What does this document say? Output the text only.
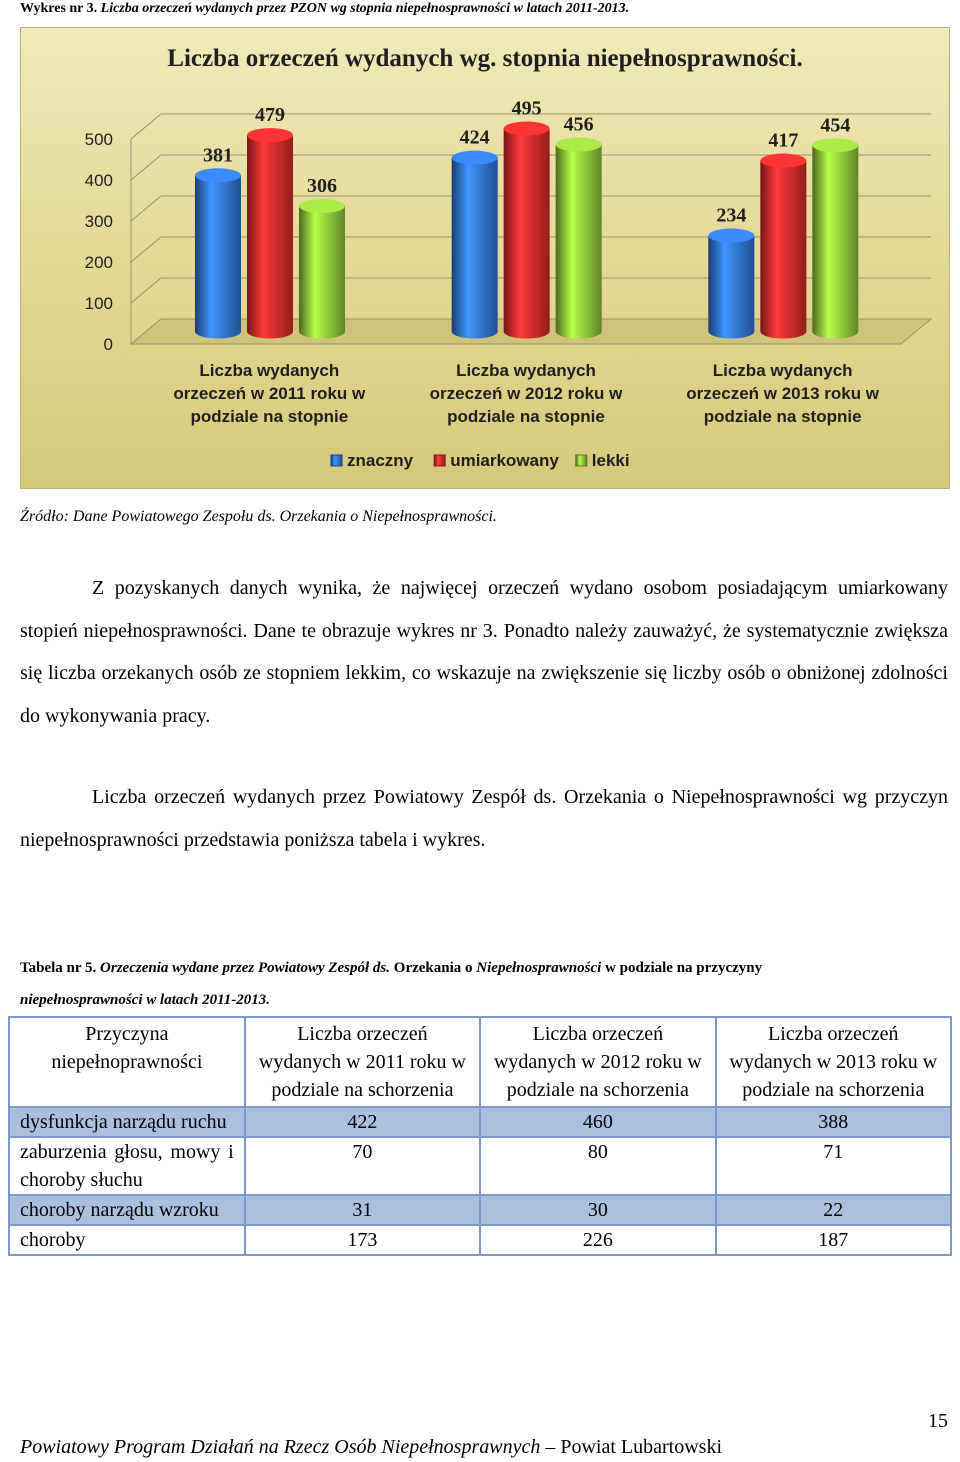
Wykres nr 3. Liczba orzeczeń wydanych przez PZON wg stopnia niepełnosprawności w latach 2011-2013.
Liczba orzeczeń wydanych wg. stopnia niepełnosprawności.
0
100
200
300
400
500
381
479
306
Liczba wydanych
orzeczeń w 2011 roku w
podziale na stopnie
424
495
456
Liczba wydanych
orzeczeń w 2012 roku w
podziale na stopnie
234
417
454
Liczba wydanych
orzeczeń w 2013 roku w
podziale na stopnie
znaczny umiarkowany lekki
Źródło: Dane Powiatowego Zespołu ds. Orzekania o Niepełnosprawności.

Z pozyskanych danych wynika, że najwięcej orzeczeń wydano osobom posiadającym umiarkowany stopień niepełnosprawności. Dane te obrazuje wykres nr 3. Ponadto należy zauważyć, że systematycznie zwiększa się liczba orzekanych osób ze stopniem lekkim, co wskazuje na zwiększenie się liczby osób o obniżonej zdolności do wykonywania pracy.

Liczba orzeczeń wydanych przez Powiatowy Zespół ds. Orzekania o Niepełnosprawności wg przyczyn niepełnosprawności przedstawia poniższa tabela i wykres.

Tabela nr 5. Orzeczenia wydane przez Powiatowy Zespół ds. Orzekania o Niepełnosprawności w podziale na przyczyny
niepełnosprawności w latach 2011-2013.
Przyczyna niepełnoprawności	Liczba orzeczeń wydanych w 2011 roku w podziale na schorzenia	Liczba orzeczeń wydanych w 2012 roku w podziale na schorzenia	Liczba orzeczeń wydanych w 2013 roku w podziale na schorzenia
dysfunkcja narządu ruchu	422	460	388
zaburzenia głosu, mowy i choroby słuchu	70	80	71
choroby narządu wzroku	31	30	22
choroby	173	226	187
15
Powiatowy Program Działań na Rzecz Osób Niepełnosprawnych – Powiat Lubartowski
